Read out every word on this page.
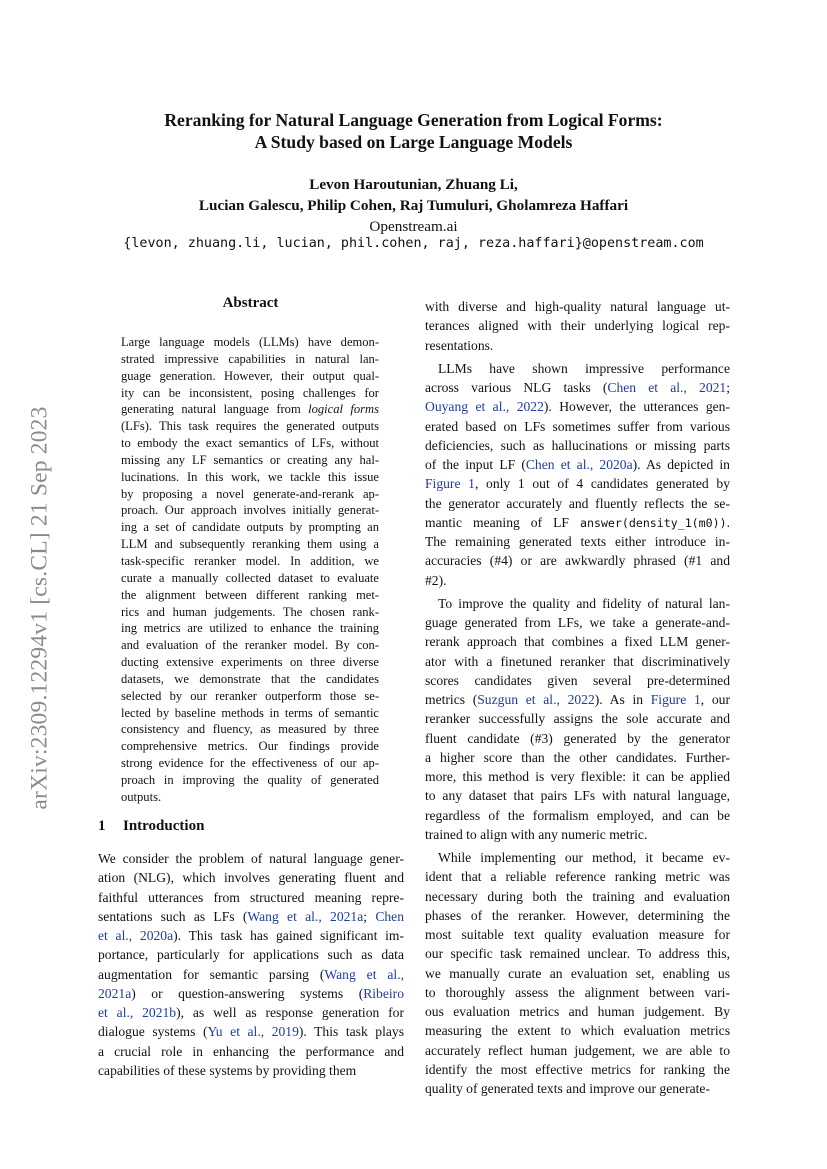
arXiv:2309.12294v1 [cs.CL] 21 Sep 2023
Reranking for Natural Language Generation from Logical Forms:
A Study based on Large Language Models
Levon Haroutunian, Zhuang Li,
Lucian Galescu, Philip Cohen, Raj Tumuluri, Gholamreza Haffari
Openstream.ai
{levon, zhuang.li, lucian, phil.cohen, raj, reza.haffari}@openstream.com
Abstract
Large language models (LLMs) have demon-
strated impressive capabilities in natural lan-
guage generation. However, their output qual-
ity can be inconsistent, posing challenges for
generating natural language from logical forms
(LFs). This task requires the generated outputs
to embody the exact semantics of LFs, without
missing any LF semantics or creating any hal-
lucinations. In this work, we tackle this issue
by proposing a novel generate-and-rerank ap-
proach. Our approach involves initially generat-
ing a set of candidate outputs by prompting an
LLM and subsequently reranking them using a
task-specific reranker model. In addition, we
curate a manually collected dataset to evaluate
the alignment between different ranking met-
rics and human judgements. The chosen rank-
ing metrics are utilized to enhance the training
and evaluation of the reranker model. By con-
ducting extensive experiments on three diverse
datasets, we demonstrate that the candidates
selected by our reranker outperform those se-
lected by baseline methods in terms of semantic
consistency and fluency, as measured by three
comprehensive metrics. Our findings provide
strong evidence for the effectiveness of our ap-
proach in improving the quality of generated
outputs.
1 Introduction
We consider the problem of natural language gener-
ation (NLG), which involves generating fluent and
faithful utterances from structured meaning repre-
sentations such as LFs (Wang et al., 2021a; Chen
et al., 2020a). This task has gained significant im-
portance, particularly for applications such as data
augmentation for semantic parsing (Wang et al.,
2021a) or question-answering systems (Ribeiro
et al., 2021b), as well as response generation for
dialogue systems (Yu et al., 2019). This task plays
a crucial role in enhancing the performance and
capabilities of these systems by providing them
with diverse and high-quality natural language ut-
terances aligned with their underlying logical rep-
resentations.
LLMs have shown impressive performance
across various NLG tasks (Chen et al., 2021;
Ouyang et al., 2022). However, the utterances gen-
erated based on LFs sometimes suffer from various
deficiencies, such as hallucinations or missing parts
of the input LF (Chen et al., 2020a). As depicted in
Figure 1, only 1 out of 4 candidates generated by
the generator accurately and fluently reflects the se-
mantic meaning of LF answer(density_1(m0)).
The remaining generated texts either introduce in-
accuracies (#4) or are awkwardly phrased (#1 and
#2).
To improve the quality and fidelity of natural lan-
guage generated from LFs, we take a generate-and-
rerank approach that combines a fixed LLM gener-
ator with a finetuned reranker that discriminatively
scores candidates given several pre-determined
metrics (Suzgun et al., 2022). As in Figure 1, our
reranker successfully assigns the sole accurate and
fluent candidate (#3) generated by the generator
a higher score than the other candidates. Further-
more, this method is very flexible: it can be applied
to any dataset that pairs LFs with natural language,
regardless of the formalism employed, and can be
trained to align with any numeric metric.
While implementing our method, it became ev-
ident that a reliable reference ranking metric was
necessary during both the training and evaluation
phases of the reranker. However, determining the
most suitable text quality evaluation measure for
our specific task remained unclear. To address this,
we manually curate an evaluation set, enabling us
to thoroughly assess the alignment between vari-
ous evaluation metrics and human judgement. By
measuring the extent to which evaluation metrics
accurately reflect human judgement, we are able to
identify the most effective metrics for ranking the
quality of generated texts and improve our generate-
